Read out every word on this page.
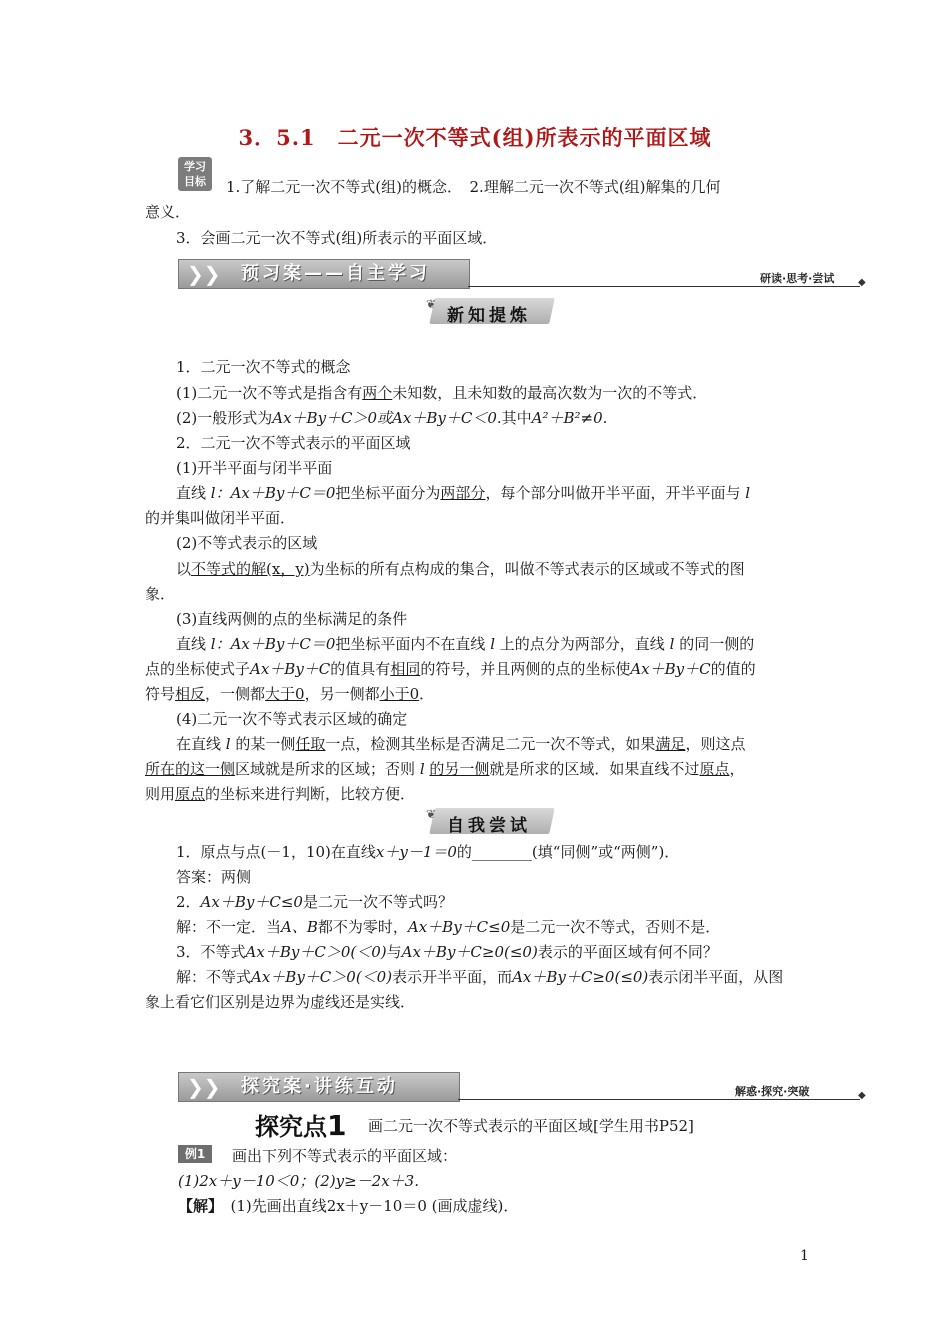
3．5.1　二元一次不等式(组)所表示的平面区域
学习
目标	1.了解二元一次不等式(组)的概念．　2.理解二元一次不等式(组)解集的几何
意义．
3．会画二元一次不等式(组)所表示的平面区域．
❯❯ 预习案——自主学习	研读·思考·尝试 ◆
❦
新知提炼
1．二元一次不等式的概念
(1)二元一次不等式是指含有两个未知数，且未知数的最高次数为一次的不等式．
(2)一般形式为Ax＋By＋C＞0或Ax＋By＋C＜0.其中A²＋B²≠0.
2．二元一次不等式表示的平面区域
(1)开半平面与闭半平面
直线 l：Ax＋By＋C＝0把坐标平面分为两部分，每个部分叫做开半平面，开半平面与 l
的并集叫做闭半平面．
(2)不等式表示的区域
以不等式的解(x，y)为坐标的所有点构成的集合，叫做不等式表示的区域或不等式的图
象．
(3)直线两侧的点的坐标满足的条件
直线 l：Ax＋By＋C＝0把坐标平面内不在直线 l 上的点分为两部分，直线 l 的同一侧的
点的坐标使式子Ax＋By＋C的值具有相同的符号，并且两侧的点的坐标使Ax＋By＋C的值的
符号相反，一侧都大于0，另一侧都小于0．
(4)二元一次不等式表示区域的确定
在直线 l 的某一侧任取一点，检测其坐标是否满足二元一次不等式，如果满足，则这点
所在的这一侧区域就是所求的区域；否则 l 的另一侧就是所求的区域．如果直线不过原点，
则用原点的坐标来进行判断，比较方便．
❦
自我尝试
1．原点与点(－1，10)在直线x＋y－1＝0的________(填“同侧”或“两侧”)．
答案：两侧
2．Ax＋By＋C≤0是二元一次不等式吗？
解：不一定．当A、B都不为零时，Ax＋By＋C≤0是二元一次不等式，否则不是．
3．不等式Ax＋By＋C＞0(＜0)与Ax＋By＋C≥0(≤0)表示的平面区域有何不同？
解：不等式Ax＋By＋C＞0(＜0)表示开半平面，而Ax＋By＋C≥0(≤0)表示闭半平面，从图
象上看它们区别是边界为虚线还是实线．
❯❯ 探究案·讲练互动	解惑·探究·突破	◆
探究点1 画二元一次不等式表示的平面区域[学生用书P52]
例1	画出下列不等式表示的平面区域：
(1)2x＋y－10＜0；(2)y≥－2x＋3.
【解】　 (1)先画出直线2x＋y－10＝0 (画成虚线)．
1
